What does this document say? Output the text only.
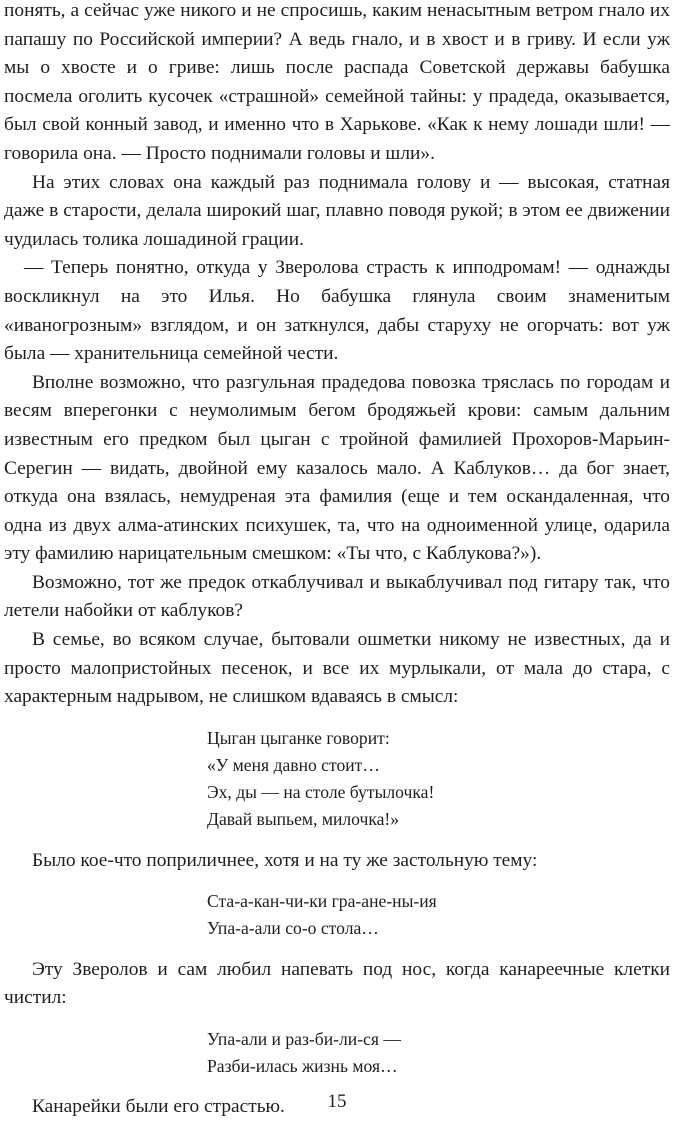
понять, а сейчас уже никого и не спросишь, каким ненасытным ветром гнало их папашу по Российской империи? А ведь гнало, и в хвост и в гриву. И если уж мы о хвосте и о гриве: лишь после распада Советской державы бабушка посмела оголить кусочек «страшной» семейной тайны: у прадеда, оказывается, был свой конный завод, и именно что в Харькове. «Как к нему лошади шли! — говорила она. — Просто поднимали головы и шли».

На этих словах она каждый раз поднимала голову и — высокая, статная даже в старости, делала широкий шаг, плавно поводя рукой; в этом ее движении чудилась толика лошадиной грации.

— Теперь понятно, откуда у Зверолова страсть к ипподромам! — однажды воскликнул на это Илья. Но бабушка глянула своим знаменитым «иваногрозным» взглядом, и он заткнулся, дабы старуху не огорчать: вот уж была — хранительница семейной чести.

Вполне возможно, что разгульная прадедова повозка тряслась по городам и весям вперегонки с неумолимым бегом бродяжьей крови: самым дальним известным его предком был цыган с тройной фамилией Прохоров-Марьин-Серегин — видать, двойной ему казалось мало. А Каблуков… да бог знает, откуда она взялась, немудреная эта фамилия (еще и тем оскандаленная, что одна из двух алма-атинских психушек, та, что на одноименной улице, одарила эту фамилию нарицательным смешком: «Ты что, с Каблукова?»).

Возможно, тот же предок откаблучивал и выкаблучивал под гитару так, что летели набойки от каблуков?

В семье, во всяком случае, бытовали ошметки никому не известных, да и просто малопристойных песенок, и все их мурлыкали, от мала до стара, с характерным надрывом, не слишком вдаваясь в смысл:

Цыган цыганке говорит:
«У меня давно стоит…
Эх, ды — на столе бутылочка!
Давай выпьем, милочка!»

Было кое-что поприличнее, хотя и на ту же застольную тему:

Ста-а-кан-чи-ки гра-ане-ны-ия
Упа-а-али со-о стола…

Эту Зверолов и сам любил напевать под нос, когда канареечные клетки чистил:

Упа-али и раз-би-ли-ся —
Разби-илась жизнь моя…

Канарейки были его страстью.	15
